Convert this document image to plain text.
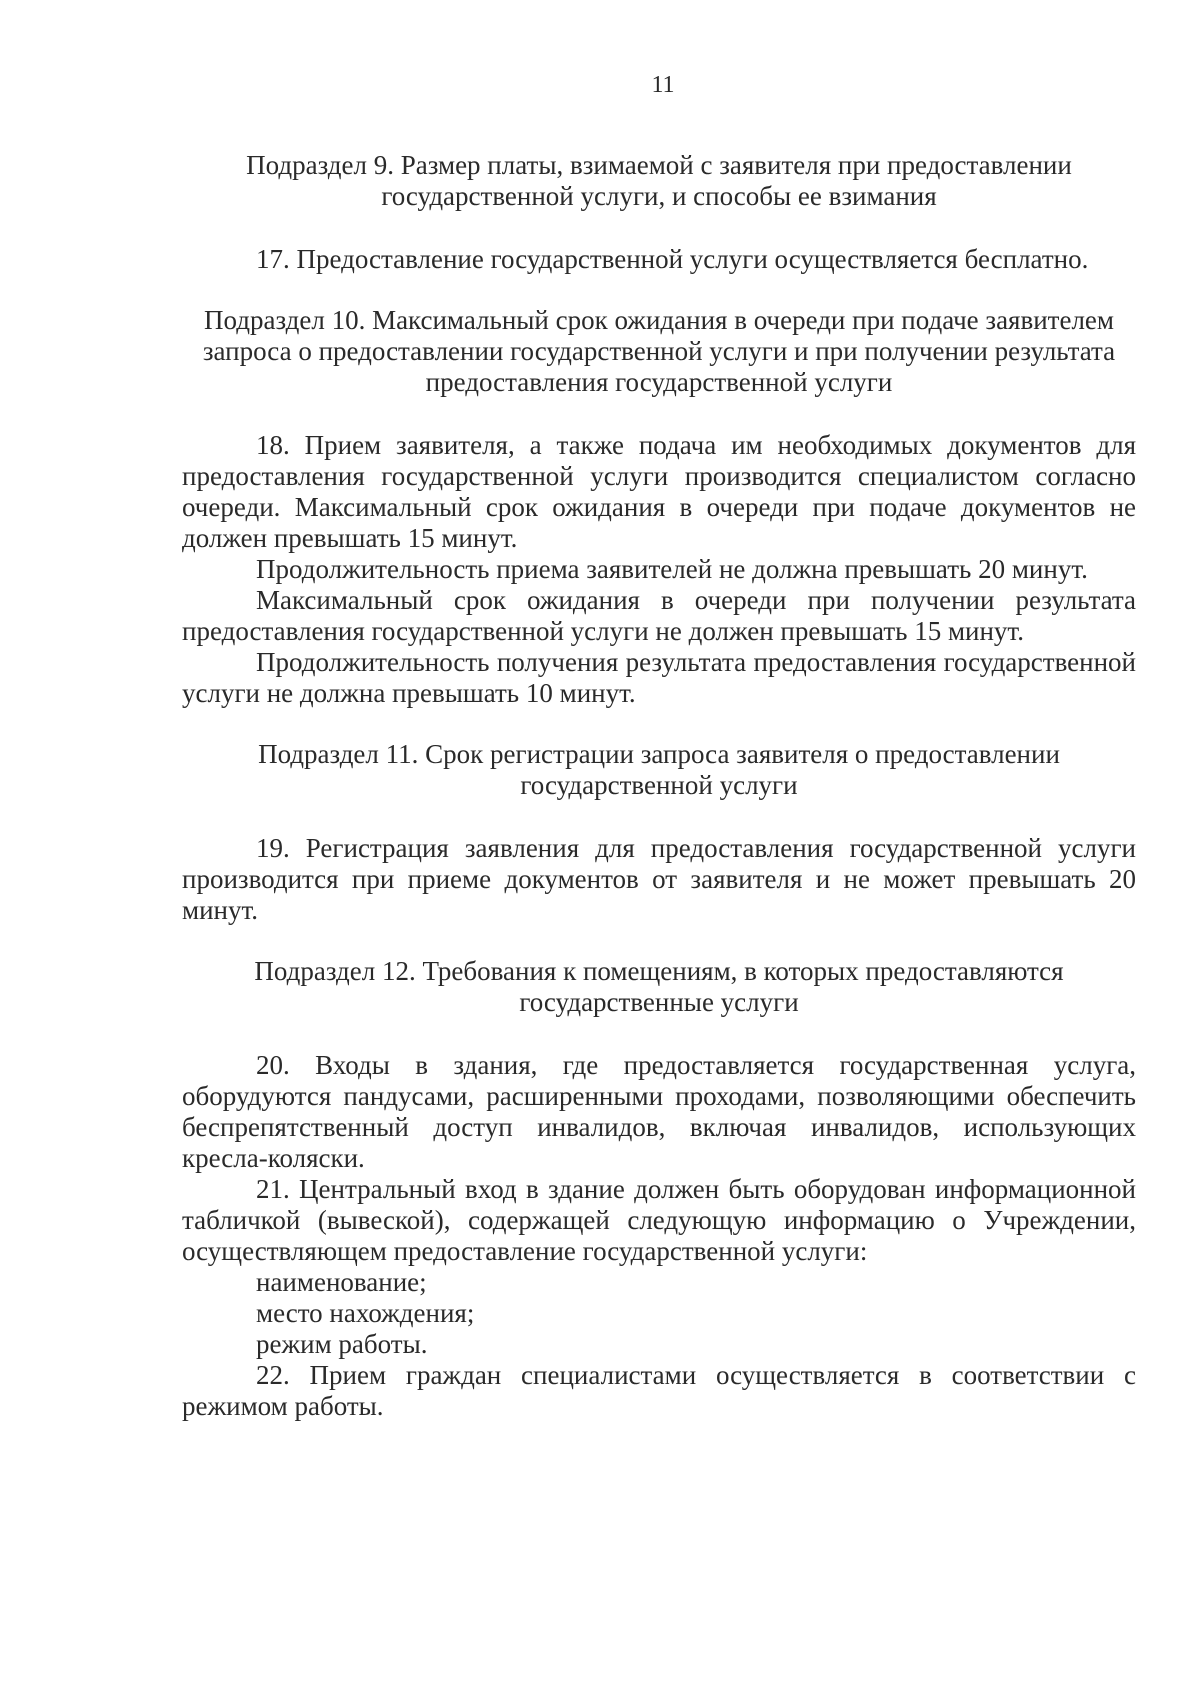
11
Подраздел 9. Размер платы, взимаемой с заявителя при предоставлении государственной услуги, и способы ее взимания

17. Предоставление государственной услуги осуществляется бесплатно.

Подраздел 10. Максимальный срок ожидания в очереди при подаче заявителем запроса о предоставлении государственной услуги и при получении результата предоставления государственной услуги

18. Прием заявителя, а также подача им необходимых документов для предоставления государственной услуги производится специалистом согласно очереди. Максимальный срок ожидания в очереди при подаче документов не должен превышать 15 минут.

Продолжительность приема заявителей не должна превышать 20 минут.

Максимальный срок ожидания в очереди при получении результата предоставления государственной услуги не должен превышать 15 минут.

Продолжительность получения результата предоставления государственной услуги не должна превышать 10 минут.

Подраздел 11. Срок регистрации запроса заявителя о предоставлении государственной услуги

19. Регистрация заявления для предоставления государственной услуги производится при приеме документов от заявителя и не может превышать 20 минут.

Подраздел 12. Требования к помещениям, в которых предоставляются государственные услуги

20. Входы в здания, где предоставляется государственная услуга, оборудуются пандусами, расширенными проходами, позволяющими обеспечить беспрепятственный доступ инвалидов, включая инвалидов, использующих кресла-коляски.

21. Центральный вход в здание должен быть оборудован информационной табличкой (вывеской), содержащей следующую информацию о Учреждении, осуществляющем предоставление государственной услуги:

наименование;

место нахождения;

режим работы.

22. Прием граждан специалистами осуществляется в соответствии с режимом работы.
